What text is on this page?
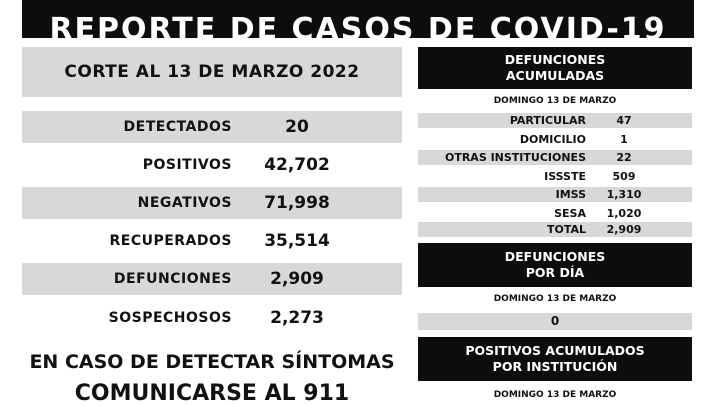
REPORTE DE CASOS DE COVID-19
CORTE AL 13 DE MARZO 2022
DETECTADOS	20
POSITIVOS	42,702
NEGATIVOS	71,998
RECUPERADOS	35,514
DEFUNCIONES	2,909
SOSPECHOSOS	2,273
EN CASO DE DETECTAR SÍNTOMAS
COMUNICARSE AL 911
DEFUNCIONES
ACUMULADAS
DOMINGO 13 DE MARZO
PARTICULAR	47
DOMICILIO	1
OTRAS INSTITUCIONES	22
ISSSTE	509
IMSS	1,310
SESA	1,020
TOTAL	2,909
DEFUNCIONES
POR DÍA
DOMINGO 13 DE MARZO
0
POSITIVOS ACUMULADOS
POR INSTITUCIÓN
DOMINGO 13 DE MARZO
